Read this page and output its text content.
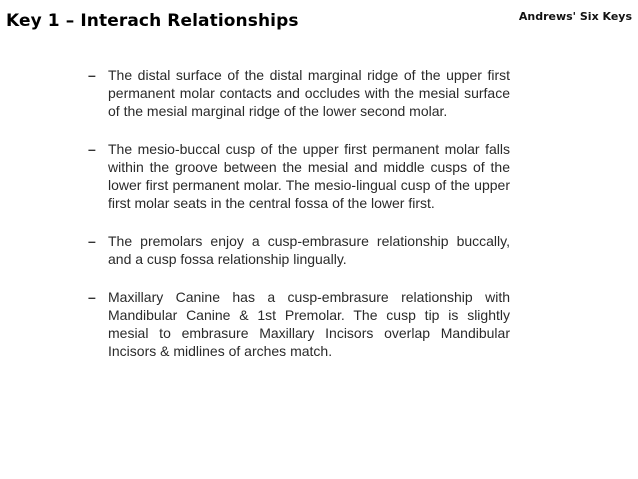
Key 1 – Interach Relationships	Andrews' Six Keys
– The distal surface of the distal marginal ridge of the upper first permanent molar contacts and occludes with the mesial surface of the mesial marginal ridge of the lower second molar.
– The mesio-buccal cusp of the upper first permanent molar falls within the groove between the mesial and middle cusps of the lower first permanent molar. The mesio-lingual cusp of the upper first molar seats in the central fossa of the lower first.
– The premolars enjoy a cusp-embrasure relationship buccally, and a cusp fossa relationship lingually.
– Maxillary Canine has a cusp-embrasure relationship with Mandibular Canine & 1st Premolar. The cusp tip is slightly mesial to embrasure Maxillary Incisors overlap Mandibular Incisors & midlines of arches match.
